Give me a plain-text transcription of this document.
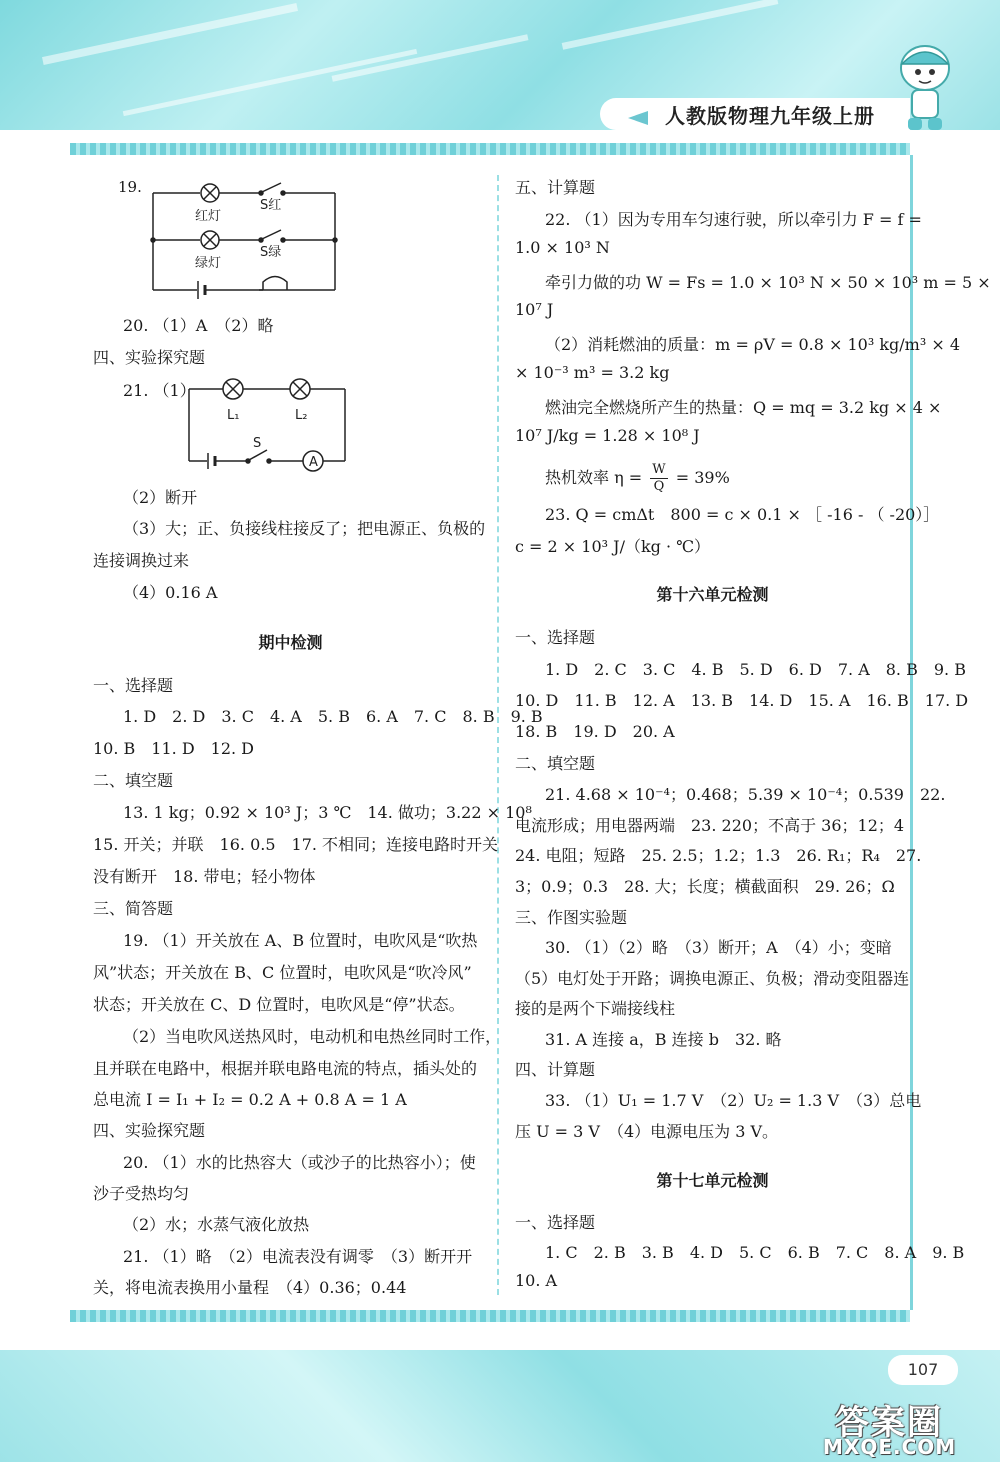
人教版物理九年级上册
19.
红灯
绿灯
S红
S绿
20. （1）A　（2）略
四、实验探究题
21. （1）
L₁	L₂
S
A
（2）断开
（3）大；正、负接线柱接反了；把电源正、负极的
连接调换过来
（4）0.16 A
期中检测
一、选择题
1. D　2. D　3. C　4. A　5. B　6. A　7. C　8. B　9. B
10. B　11. D　12. D
二、填空题
13. 1 kg；0.92 × 10³ J；3 ℃　14. 做功；3.22 × 10⁸
15. 开关；并联　16. 0.5　17. 不相同；连接电路时开关
没有断开　18. 带电；轻小物体
三、简答题
19. （1）开关放在 A、B 位置时，电吹风是“吹热
风”状态；开关放在 B、C 位置时，电吹风是“吹冷风”
状态；开关放在 C、D 位置时，电吹风是“停”状态。
（2）当电吹风送热风时，电动机和电热丝同时工作，
且并联在电路中，根据并联电路电流的特点，插头处的
总电流 I = I₁ + I₂ = 0.2 A + 0.8 A = 1 A
四、实验探究题
20. （1）水的比热容大（或沙子的比热容小）；使
沙子受热均匀
（2）水；水蒸气液化放热
21. （1）略　（2）电流表没有调零　（3）断开开
关，将电流表换用小量程　（4）0.36；0.44
五、计算题
22. （1）因为专用车匀速行驶，所以牵引力 F = f =
1.0 × 10³ N
牵引力做的功 W = Fs = 1.0 × 10³ N × 50 × 10³ m = 5 ×
10⁷ J
（2）消耗燃油的质量：m = ρV = 0.8 × 10³ kg/m³ × 4
× 10⁻³ m³ = 3.2 kg
燃油完全燃烧所产生的热量：Q = mq = 3.2 kg × 4 ×
10⁷ J/kg = 1.28 × 10⁸ J
热机效率 $\eta = \frac{W}{Q} = 39\%$
23. Q = cmΔt　800 = c × 0.1 × ［ -16 - （ -20）］
c = 2 × 10³ J/（kg · ℃）
第十六单元检测
一、选择题
1. D　2. C　3. C　4. B　5. D　6. D　7. A　8. B　9. B
10. D　11. B　12. A　13. B　14. D　15. A　16. B　17. D
18. B　19. D　20. A
二、填空题
21. 4.68 × 10⁻⁴；0.468；5.39 × 10⁻⁴；0.539　22.
电流形成；用电器两端　23. 220；不高于 36；12；4
24. 电阻；短路　25. 2.5；1.2；1.3　26. R₁；R₄　27.
3；0.9；0.3　28. 大；长度；横截面积　29. 26；Ω
三、作图实验题
30. （1）（2）略　（3）断开；A　（4）小；变暗
（5）电灯处于开路；调换电源正、负极；滑动变阻器连
接的是两个下端接线柱
31. A 连接 a，B 连接 b　32. 略
四、计算题
33. （1）U₁ = 1.7 V　（2）U₂ = 1.3 V　（3）总电
压 U = 3 V　（4）电源电压为 3 V。
第十七单元检测
一、选择题
1. C　2. B　3. B　4. D　5. C　6. B　7. C　8. A　9. B
10. A
107
答案圈
MXQE.COM
